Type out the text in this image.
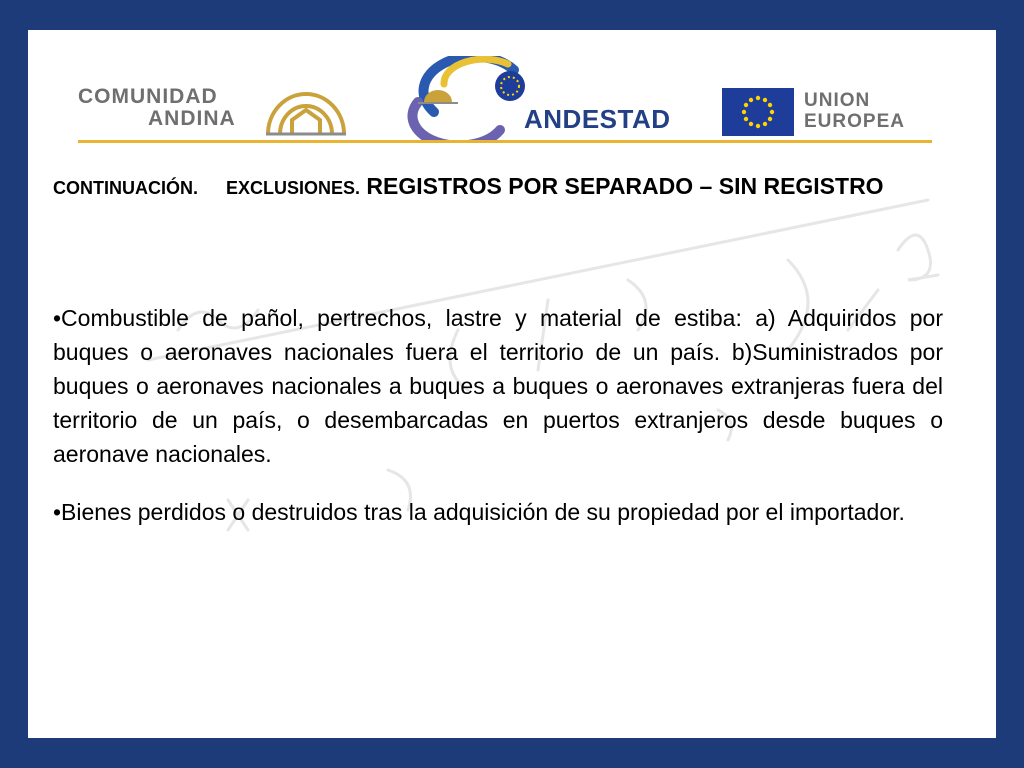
COMUNIDAD
ANDINA	ANDESTAD
UNION
EUROPEA

CONTINUACIÓN. EXCLUSIONES. REGISTROS POR SEPARADO – SIN REGISTRO

•Combustible de pañol, pertrechos, lastre y material de estiba: a) Adquiridos por buques o aeronaves nacionales fuera el territorio de un país. b)Suministrados por buques o aeronaves nacionales a buques a buques o aeronaves extranjeras fuera del territorio de un país, o desembarcadas en puertos extranjeros desde buques o aeronave nacionales.

•Bienes perdidos o destruidos tras la adquisición de su propiedad por el importador.
